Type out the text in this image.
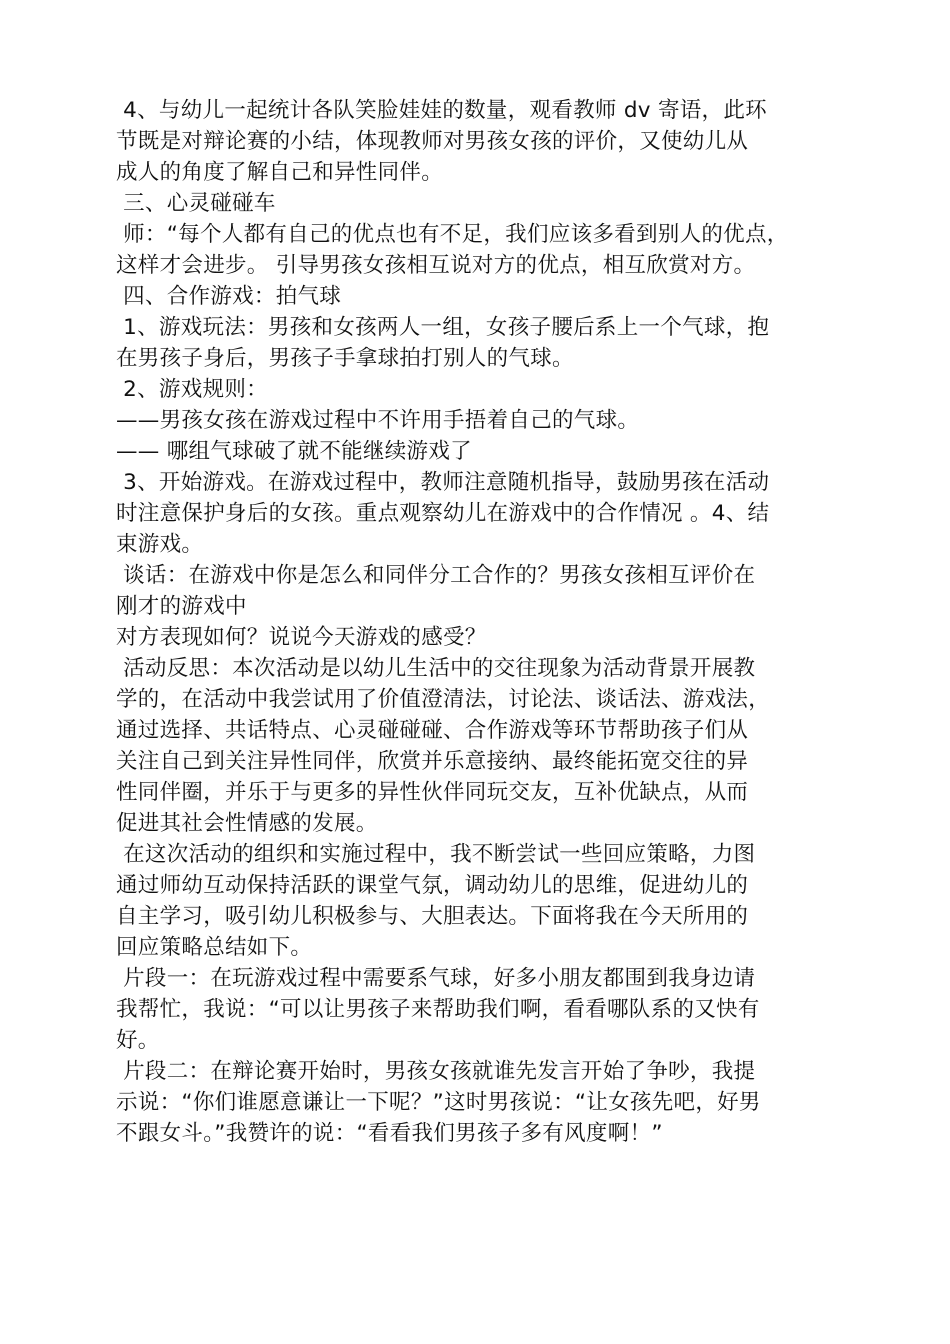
4、与幼儿一起统计各队笑脸娃娃的数量，观看教师 dv 寄语，此环
节既是对辩论赛的小结，体现教师对男孩女孩的评价，又使幼儿从
成人的角度了解自己和异性同伴。
三、心灵碰碰车
师：“每个人都有自己的优点也有不足，我们应该多看到别人的优点，
这样才会进步。 引导男孩女孩相互说对方的优点，相互欣赏对方。
四、合作游戏：拍气球
1、游戏玩法：男孩和女孩两人一组，女孩子腰后系上一个气球，抱
在男孩子身后，男孩子手拿球拍打别人的气球。
2、游戏规则：
——男孩女孩在游戏过程中不许用手捂着自己的气球。
—— 哪组气球破了就不能继续游戏了
3、开始游戏。在游戏过程中，教师注意随机指导，鼓励男孩在活动
时注意保护身后的女孩。重点观察幼儿在游戏中的合作情况 。4、结
束游戏。
谈话：在游戏中你是怎么和同伴分工合作的？男孩女孩相互评价在
刚才的游戏中
对方表现如何？说说今天游戏的感受？
活动反思：本次活动是以幼儿生活中的交往现象为活动背景开展教
学的，在活动中我尝试用了价值澄清法，讨论法、谈话法、游戏法，
通过选择、共话特点、心灵碰碰碰、合作游戏等环节帮助孩子们从
关注自己到关注异性同伴，欣赏并乐意接纳、最终能拓宽交往的异
性同伴圈，并乐于与更多的异性伙伴同玩交友，互补优缺点，从而
促进其社会性情感的发展。
在这次活动的组织和实施过程中，我不断尝试一些回应策略，力图
通过师幼互动保持活跃的课堂气氛，调动幼儿的思维，促进幼儿的
自主学习，吸引幼儿积极参与、大胆表达。下面将我在今天所用的
回应策略总结如下。
片段一：在玩游戏过程中需要系气球，好多小朋友都围到我身边请
我帮忙，我说：“可以让男孩子来帮助我们啊，看看哪队系的又快有
好。
片段二：在辩论赛开始时，男孩女孩就谁先发言开始了争吵，我提
示说：“你们谁愿意谦让一下呢？”这时男孩说：“让女孩先吧，好男
不跟女斗。”我赞许的说：“看看我们男孩子多有风度啊！”
